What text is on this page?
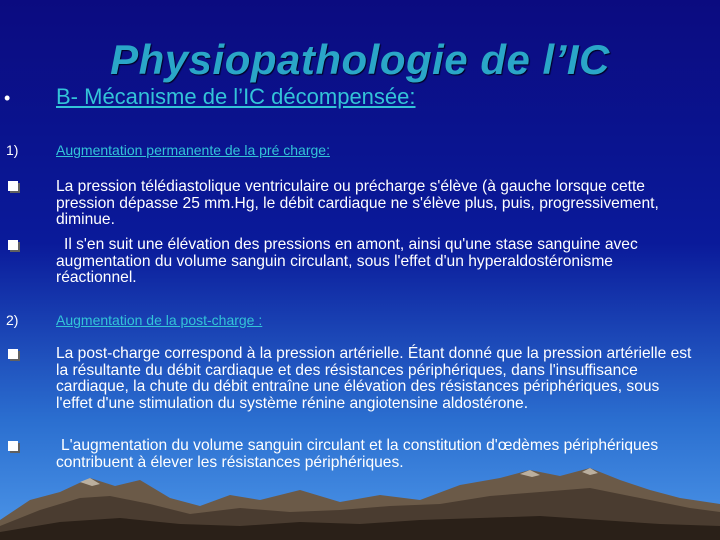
Physiopathologie de l’IC
• B- Mécanisme de l’IC décompensée:
1)	Augmentation permanente de la pré charge:

La pression télédiastolique ventriculaire ou précharge s'élève (à gauche lorsque cette pression dépasse 25 mm.Hg, le débit cardiaque ne s'élève plus, puis, progressivement, diminue.

Il s'en suit une élévation des pressions en amont, ainsi qu'une stase sanguine avec augmentation du volume sanguin circulant, sous l'effet d'un hyperaldostéronisme réactionnel.

2)	Augmentation de la post-charge :

La post-charge correspond à la pression artérielle. Étant donné que la pression artérielle est la résultante du débit cardiaque et des résistances périphériques, dans l'insuffisance cardiaque, la chute du débit entraîne une élévation des résistances périphériques, sous l'effet d'une stimulation du système rénine angiotensine aldostérone.

L'augmentation du volume sanguin circulant et la constitution d'œdèmes périphériques contribuent à élever les résistances périphériques.
